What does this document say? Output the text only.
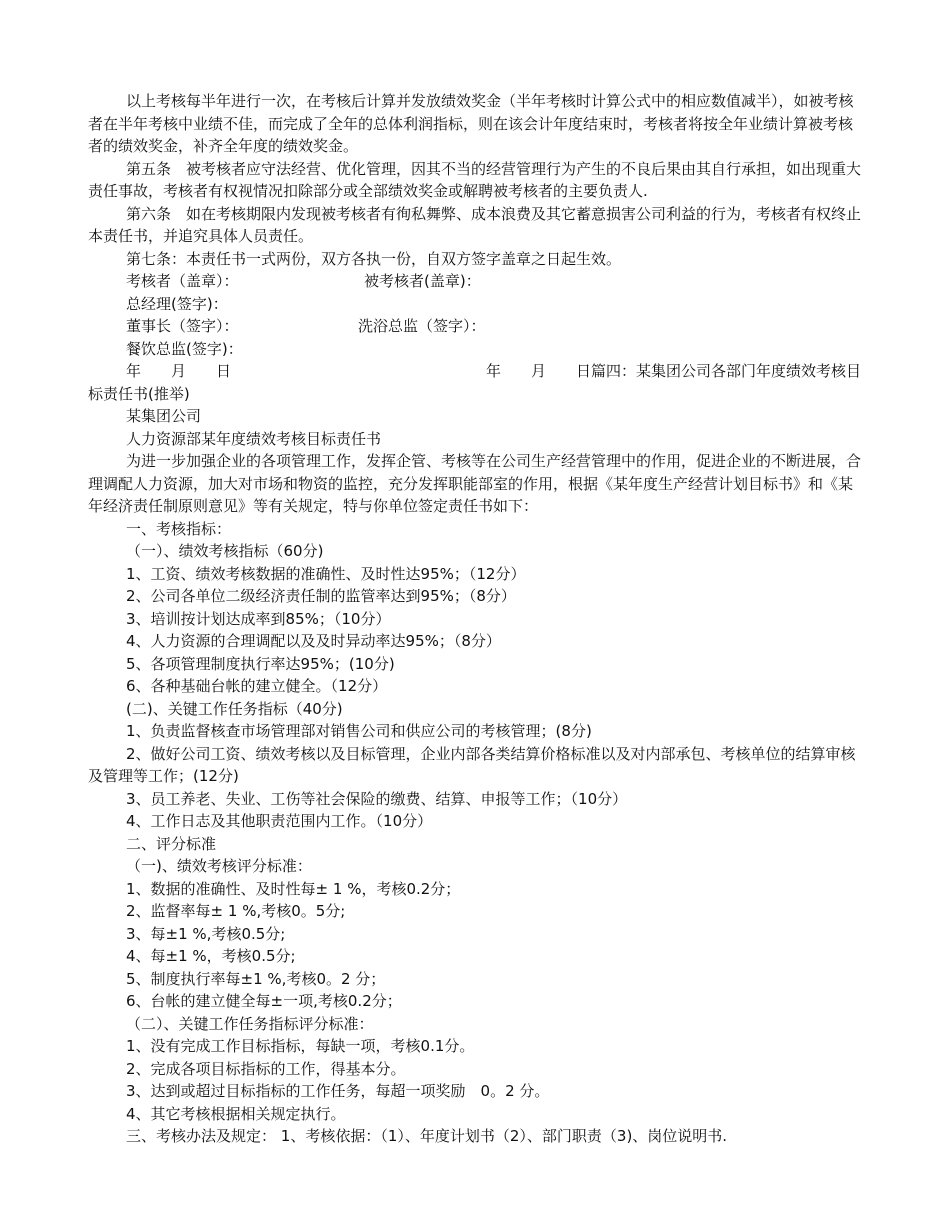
以上考核每半年进行一次，在考核后计算并发放绩效奖金（半年考核时计算公式中的相应数值减半），如被考核者在半年考核中业绩不佳，而完成了全年的总体利润指标，则在该会计年度结束时，考核者将按全年业绩计算被考核者的绩效奖金，补齐全年度的绩效奖金。

第五条　被考核者应守法经营、优化管理，因其不当的经营管理行为产生的不良后果由其自行承担，如出现重大责任事故，考核者有权视情况扣除部分或全部绩效奖金或解聘被考核者的主要负责人.

第六条　如在考核期限内发现被考核者有徇私舞弊、成本浪费及其它蓄意损害公司利益的行为，考核者有权终止本责任书，并追究具体人员责任。

第七条：本责任书一式两份，双方各执一份，自双方签字盖章之日起生效。

考核者（盖章）：	被考核者(盖章)：

总经理(签字)：

董事长（签字）：	洗浴总监（签字）：

餐饮总监(签字)：

年　　月　　日　　　　　　　　　　　　　　　　　年　　月　　日篇四：某集团公司各部门年度绩效考核目标责任书(推举)

某集团公司

人力资源部某年度绩效考核目标责任书

为进一步加强企业的各项管理工作，发挥企管、考核等在公司生产经营管理中的作用，促进企业的不断进展，合理调配人力资源，加大对市场和物资的监控，充分发挥职能部室的作用，根据《某年度生产经营计划目标书》和《某年经济责任制原则意见》等有关规定，特与你单位签定责任书如下：

一、考核指标：

（一）、绩效考核指标（60分)

1、工资、绩效考核数据的准确性、及时性达95%；（12分）

2、公司各单位二级经济责任制的监管率达到95%；（8分）

3、培训按计划达成率到85%；（10分）

4、人力资源的合理调配以及及时异动率达95%；（8分）

5、各项管理制度执行率达95%；(10分)

6、各种基础台帐的建立健全。（12分）

(二)、关键工作任务指标（40分)

1、负责监督核查市场管理部对销售公司和供应公司的考核管理；(8分)

2、做好公司工资、绩效考核以及目标管理，企业内部各类结算价格标准以及对内部承包、考核单位的结算审核及管理等工作；(12分)

3、员工养老、失业、工伤等社会保险的缴费、结算、申报等工作；（10分）

4、工作日志及其他职责范围内工作。（10分）

二、评分标准

（一)、绩效考核评分标准：

1、数据的准确性、及时性每± 1 %，考核0.2分；

2、监督率每± 1 %,考核0。5分;

3、每±1 %,考核0.5分;

4、每±1 %，考核0.5分;

5、制度执行率每±1 %,考核0。2 分；

6、台帐的建立健全每±一项,考核0.2分；

（二）、关键工作任务指标评分标准：

1、没有完成工作目标指标，每缺一项，考核0.1分。

2、完成各项目标指标的工作，得基本分。

3、达到或超过目标指标的工作任务，每超一项奖励　0。2 分。

4、其它考核根据相关规定执行。

三、考核办法及规定： 1、考核依据：（1）、年度计划书（2）、部门职责（3)、岗位说明书.
